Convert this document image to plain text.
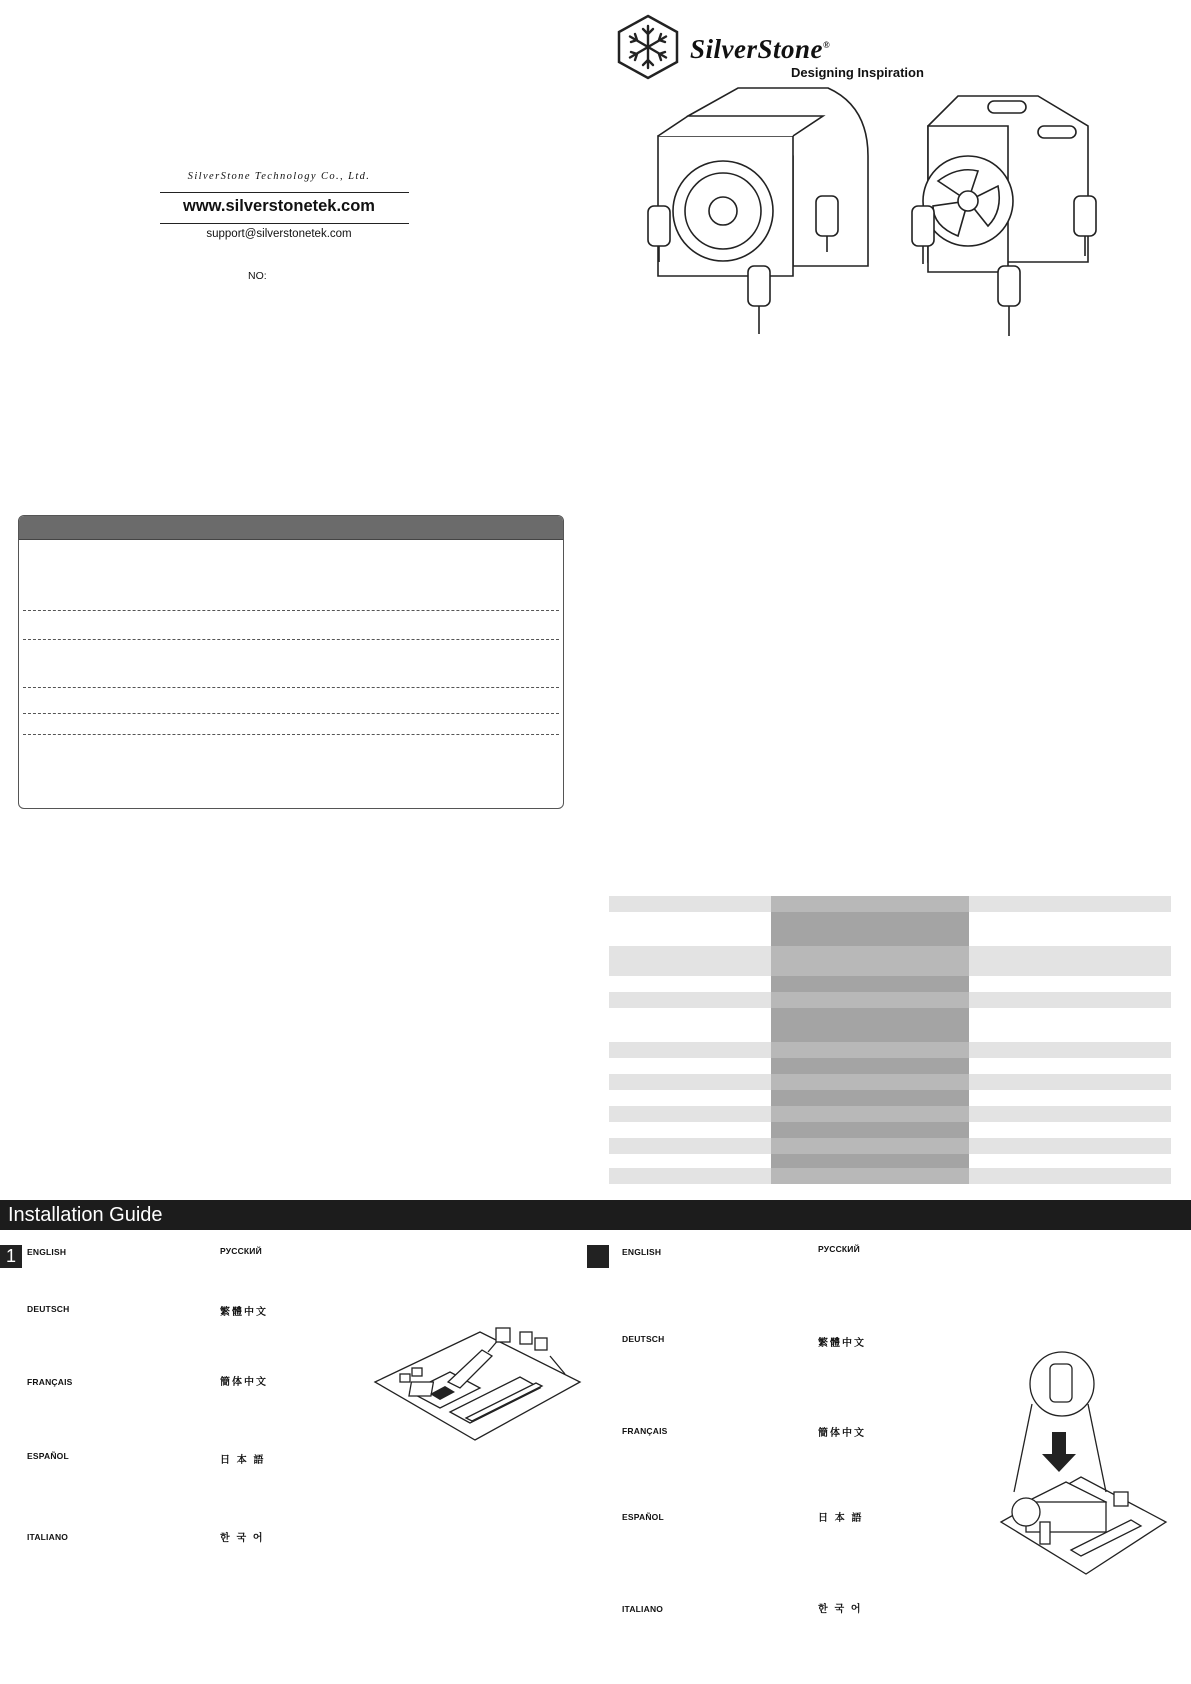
SilverStone Technology Co., Ltd.
www.silverstonetek.com
support@silverstonetek.com
NO:
SilverStone®
Designing Inspiration
Installation Guide
1	ENGLISH
DEUTSCH
FRANÇAIS
ESPAÑOL
ITALIANO
РУССКИЙ
繁體中文
簡体中文
日 本 語
한 국 어
ENGLISH
DEUTSCH
FRANÇAIS
ESPAÑOL
ITALIANO
РУССКИЙ
繁體中文
簡体中文
日 本 語
한 국 어
